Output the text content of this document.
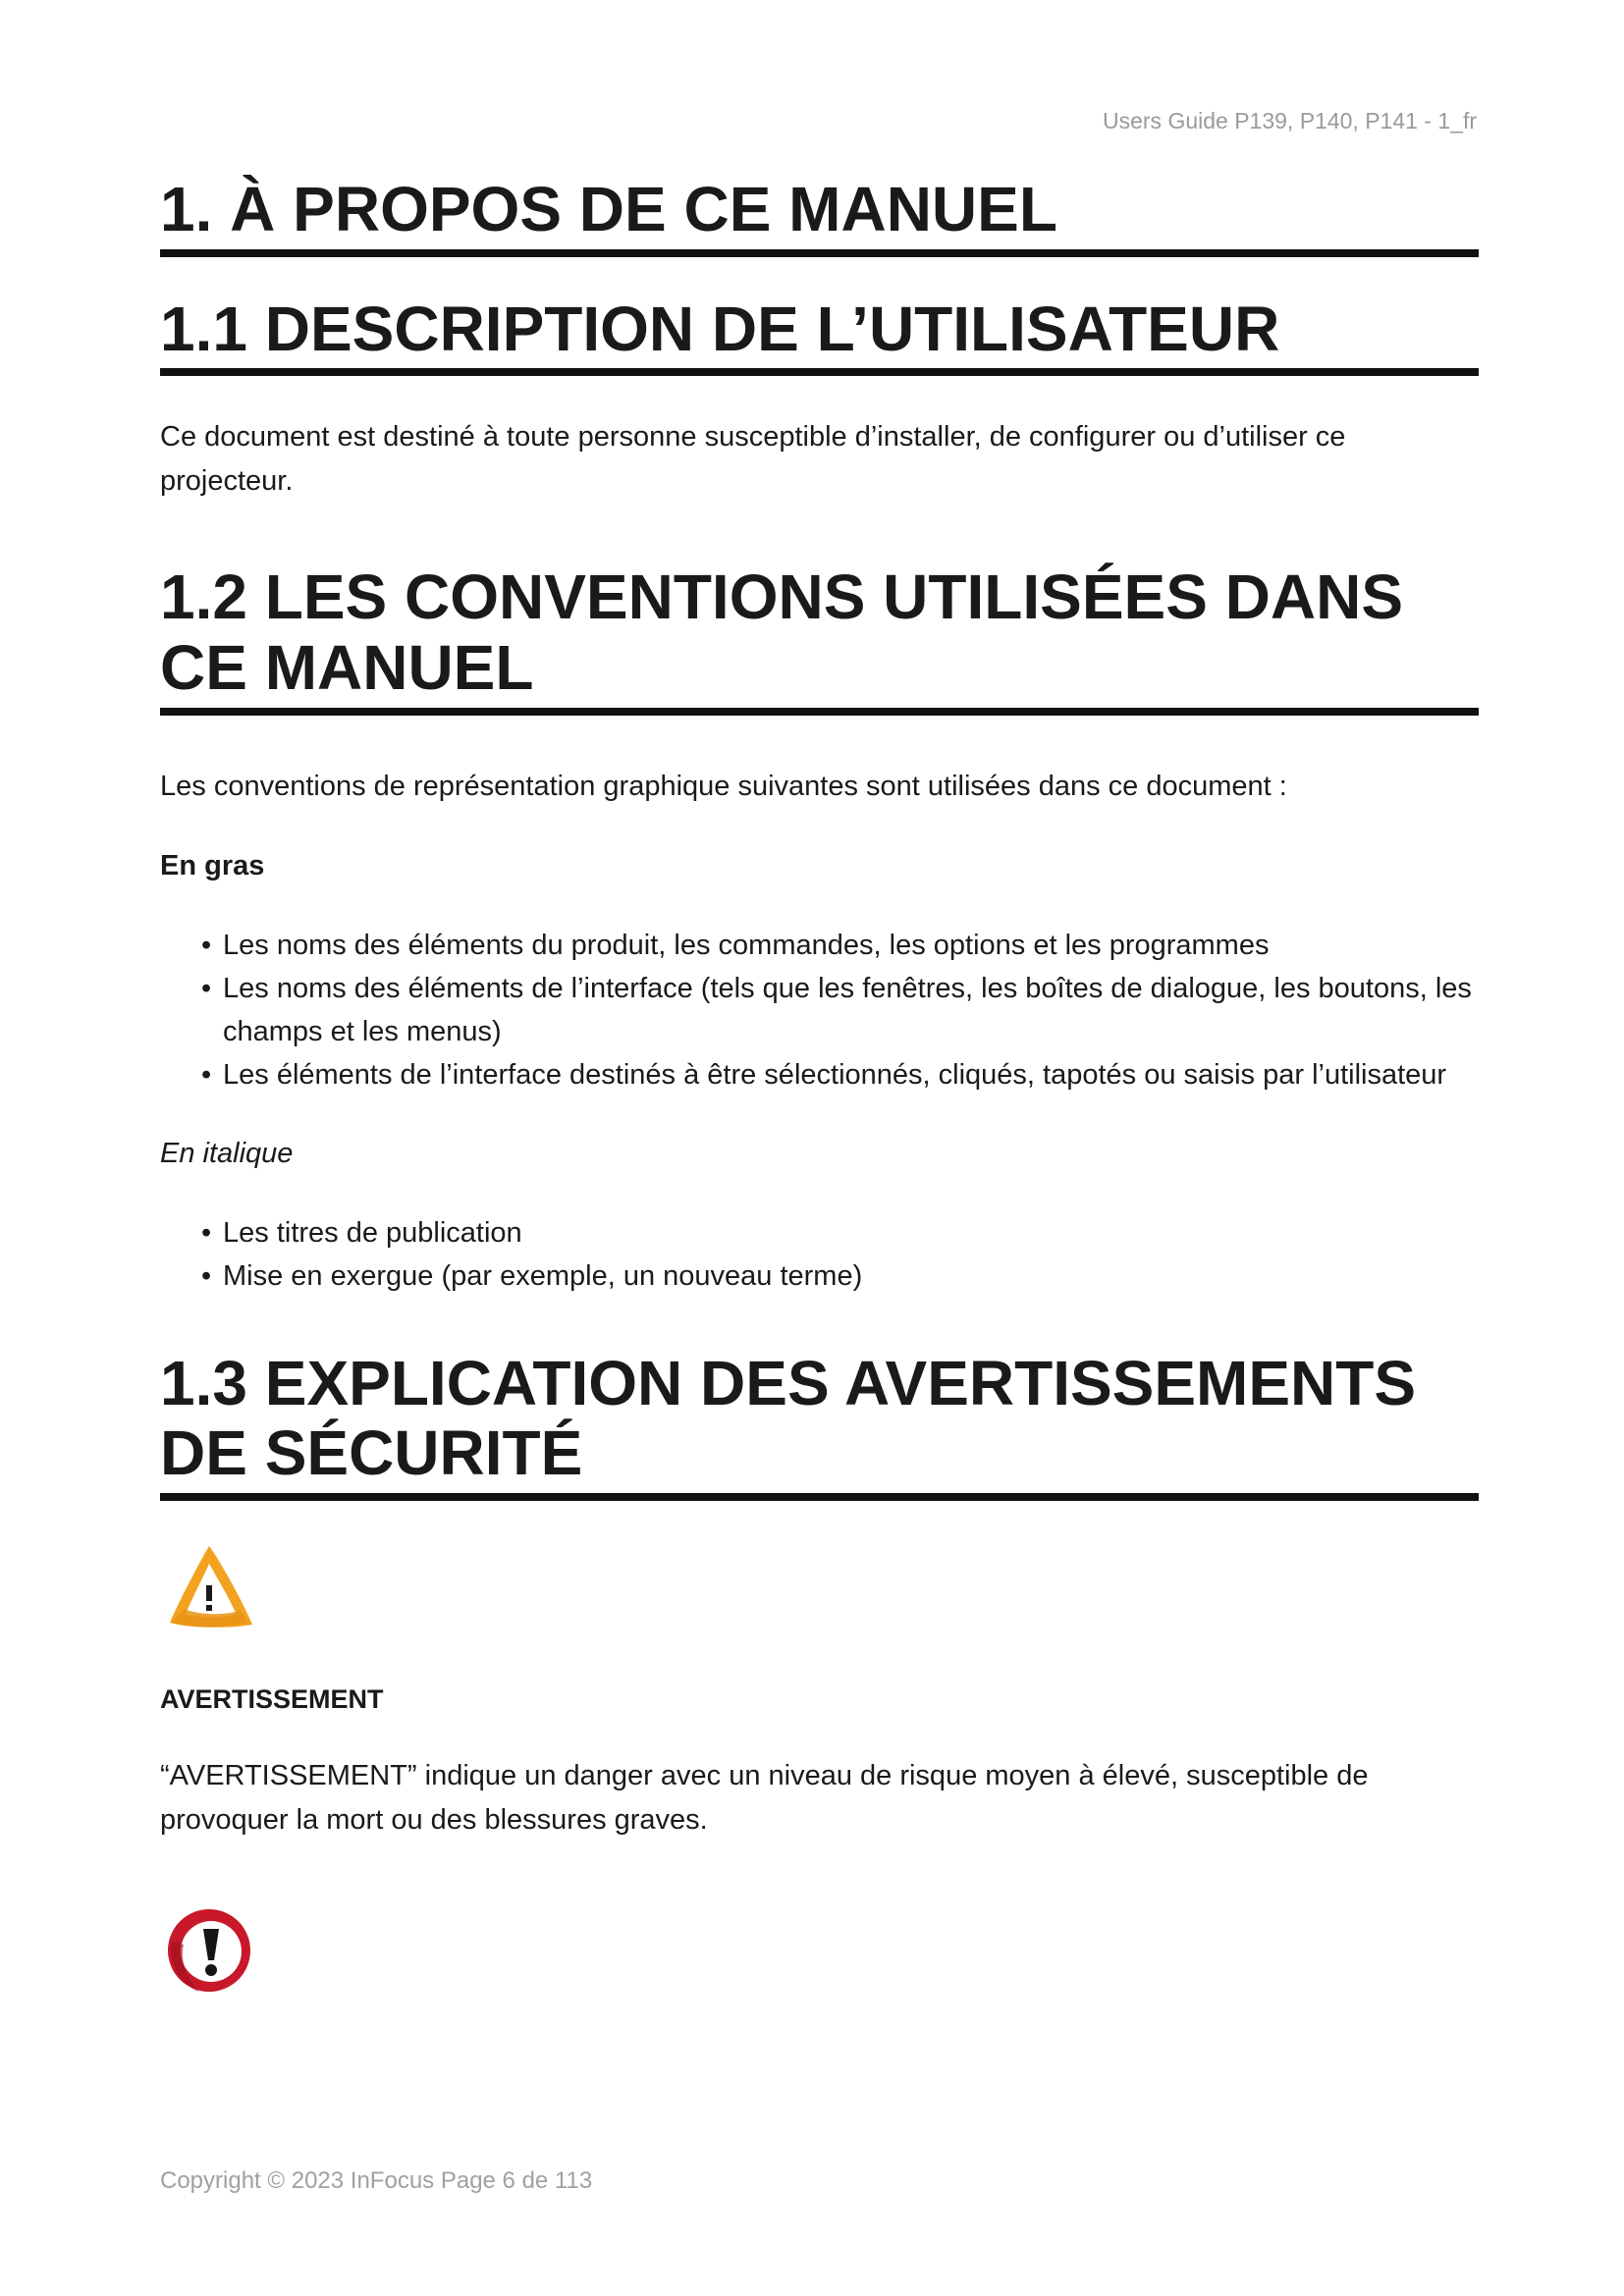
Users Guide P139, P140, P141 - 1_fr
1. À PROPOS DE CE MANUEL
1.1 DESCRIPTION DE L’UTILISATEUR

Ce document est destiné à toute personne susceptible d’installer, de configurer ou d’utiliser ce projecteur.

1.2 LES CONVENTIONS UTILISÉES DANS CE MANUEL

Les conventions de représentation graphique suivantes sont utilisées dans ce document :

En gras
• Les noms des éléments du produit, les commandes, les options et les programmes
• Les noms des éléments de l’interface (tels que les fenêtres, les boîtes de dialogue, les boutons, les champs et les menus)
• Les éléments de l’interface destinés à être sélectionnés, cliqués, tapotés ou saisis par l’utilisateur
En italique
• Les titres de publication
• Mise en exergue (par exemple, un nouveau terme)
1.3 EXPLICATION DES AVERTISSEMENTS DE SÉCURITÉ
AVERTISSEMENT

“AVERTISSEMENT” indique un danger avec un niveau de risque moyen à élevé, susceptible de provoquer la mort ou des blessures graves.

Copyright © 2023 InFocus Page 6 de 113
